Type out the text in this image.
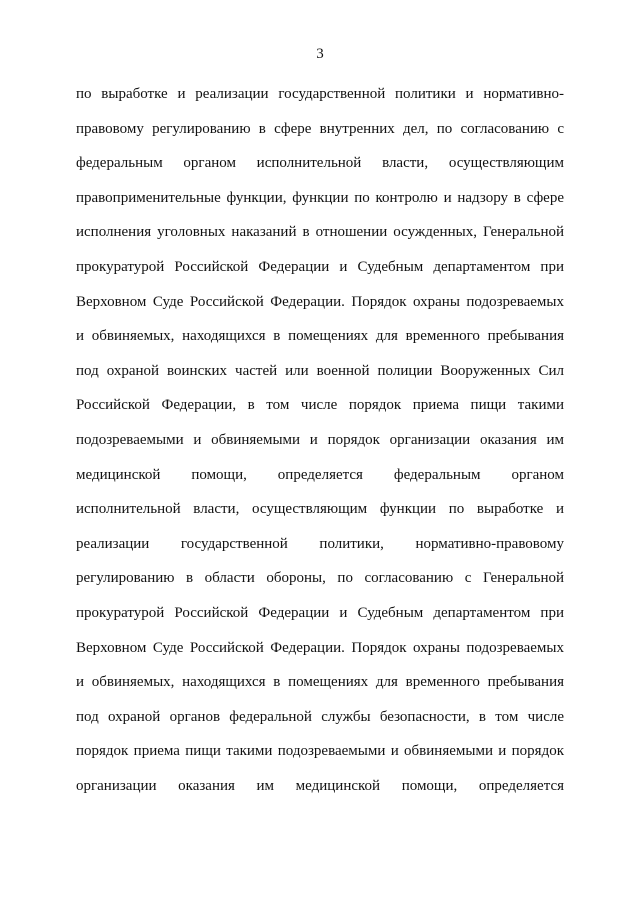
3
по выработке и реализации государственной политики и нормативно-
правовому регулированию в сфере внутренних дел, по согласованию с
федеральным органом исполнительной власти, осуществляющим
правоприменительные функции, функции по контролю и надзору в сфере
исполнения уголовных наказаний в отношении осужденных, Генеральной
прокуратурой Российской Федерации и Судебным департаментом при
Верховном Суде Российской Федерации. Порядок охраны подозреваемых
и обвиняемых, находящихся в помещениях для временного пребывания
под охраной воинских частей или военной полиции Вооруженных Сил
Российской Федерации, в том числе порядок приема пищи такими
подозреваемыми и обвиняемыми и порядок организации оказания им
медицинской помощи, определяется федеральным органом
исполнительной власти, осуществляющим функции по выработке и
реализации государственной политики, нормативно-правовому
регулированию в области обороны, по согласованию с Генеральной
прокуратурой Российской Федерации и Судебным департаментом при
Верховном Суде Российской Федерации. Порядок охраны подозреваемых
и обвиняемых, находящихся в помещениях для временного пребывания
под охраной органов федеральной службы безопасности, в том числе
порядок приема пищи такими подозреваемыми и обвиняемыми и порядок
организации оказания им медицинской помощи, определяется
